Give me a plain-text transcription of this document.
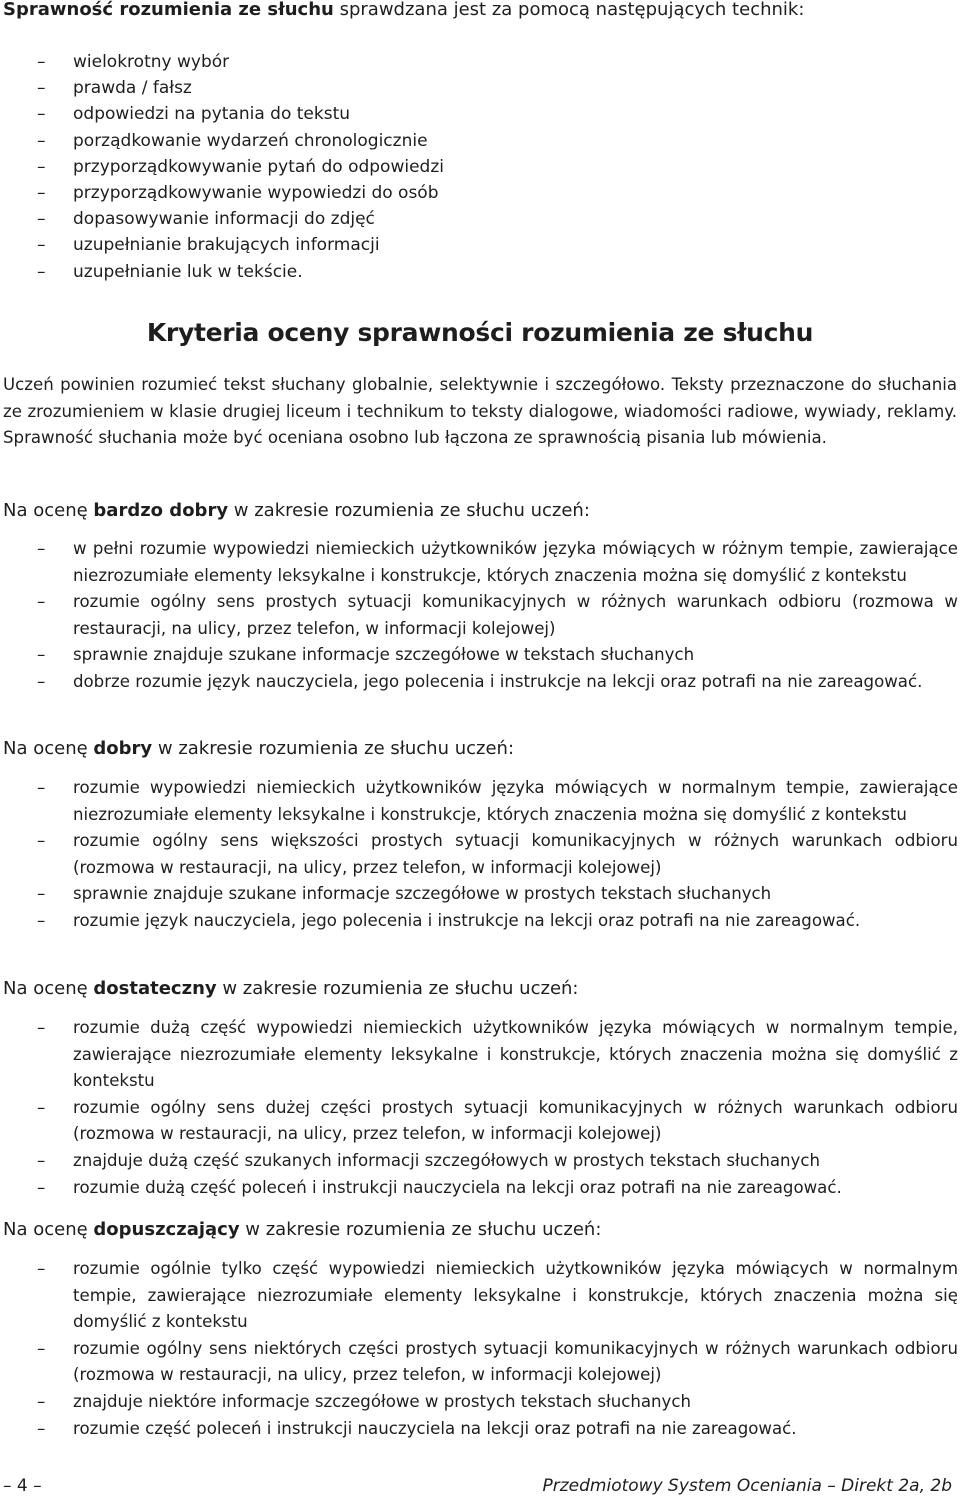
Sprawność rozumienia ze słuchu sprawdzana jest za pomocą następujących technik:
– wielokrotny wybór
– prawda / fałsz
– odpowiedzi na pytania do tekstu
– porządkowanie wydarzeń chronologicznie
– przyporządkowywanie pytań do odpowiedzi
– przyporządkowywanie wypowiedzi do osób
– dopasowywanie informacji do zdjęć
– uzupełnianie brakujących informacji
– uzupełnianie luk w tekście.
Kryteria oceny sprawności rozumienia ze słuchu
Uczeń powinien rozumieć tekst słuchany globalnie, selektywnie i szczegółowo. Teksty przeznaczone do słuchania ze zrozumieniem w klasie drugiej liceum i technikum to teksty dialogowe, wiadomości radiowe, wywiady, reklamy. Sprawność słuchania może być oceniana osobno lub łączona ze sprawnością pisania lub mówienia.
Na ocenę bardzo dobry w zakresie rozumienia ze słuchu uczeń:
– w pełni rozumie wypowiedzi niemieckich użytkowników języka mówiących w różnym tempie, zawierające niezrozumiałe elementy leksykalne i konstrukcje, których znaczenia można się domyślić z kontekstu
– rozumie ogólny sens prostych sytuacji komunikacyjnych w różnych warunkach odbioru (rozmowa w restauracji, na ulicy, przez telefon, w informacji kolejowej)
– sprawnie znajduje szukane informacje szczegółowe w tekstach słuchanych
– dobrze rozumie język nauczyciela, jego polecenia i instrukcje na lekcji oraz potrafi na nie zareagować.
Na ocenę dobry w zakresie rozumienia ze słuchu uczeń:
– rozumie wypowiedzi niemieckich użytkowników języka mówiących w normalnym tempie, zawierające niezrozumiałe elementy leksykalne i konstrukcje, których znaczenia można się domyślić z kontekstu
– rozumie ogólny sens większości prostych sytuacji komunikacyjnych w różnych warunkach odbioru (rozmowa w restauracji, na ulicy, przez telefon, w informacji kolejowej)
– sprawnie znajduje szukane informacje szczegółowe w prostych tekstach słuchanych
– rozumie język nauczyciela, jego polecenia i instrukcje na lekcji oraz potrafi na nie zareagować.
Na ocenę dostateczny w zakresie rozumienia ze słuchu uczeń:
– rozumie dużą część wypowiedzi niemieckich użytkowników języka mówiących w normalnym tempie, zawierające niezrozumiałe elementy leksykalne i konstrukcje, których znaczenia można się domyślić z kontekstu
– rozumie ogólny sens dużej części prostych sytuacji komunikacyjnych w różnych warunkach odbioru (rozmowa w restauracji, na ulicy, przez telefon, w informacji kolejowej)
– znajduje dużą część szukanych informacji szczegółowych w prostych tekstach słuchanych
– rozumie dużą część poleceń i instrukcji nauczyciela na lekcji oraz potrafi na nie zareagować.
Na ocenę dopuszczający w zakresie rozumienia ze słuchu uczeń:
– rozumie ogólnie tylko część wypowiedzi niemieckich użytkowników języka mówiących w normalnym tempie, zawierające niezrozumiałe elementy leksykalne i konstrukcje, których znaczenia można się domyślić z kontekstu
– rozumie ogólny sens niektórych części prostych sytuacji komunikacyjnych w różnych warunkach odbioru (rozmowa w restauracji, na ulicy, przez telefon, w informacji kolejowej)
– znajduje niektóre informacje szczegółowe w prostych tekstach słuchanych
– rozumie część poleceń i instrukcji nauczyciela na lekcji oraz potrafi na nie zareagować.
– 4 –	Przedmiotowy System Oceniania – Direkt 2a, 2b
